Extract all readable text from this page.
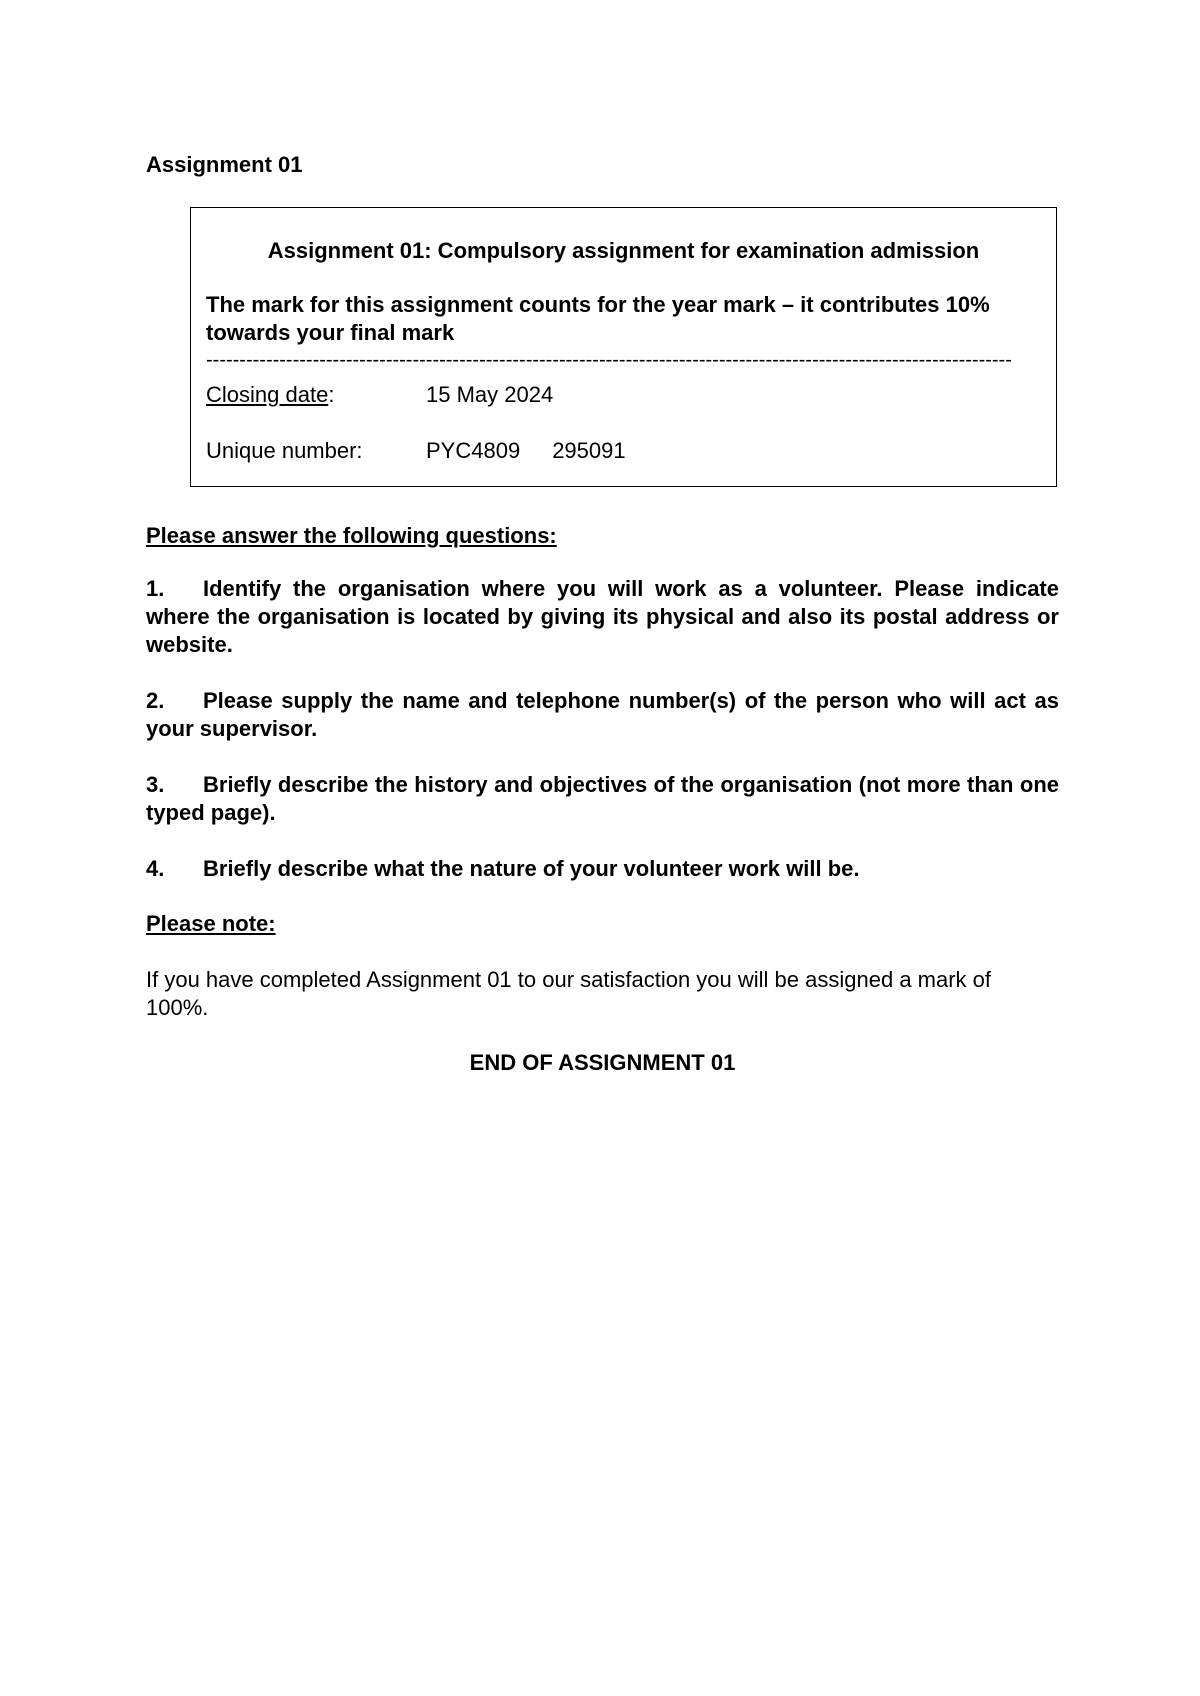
Assignment 01

Assignment 01: Compulsory assignment for examination admission

The mark for this assignment counts for the year mark – it contributes 10% towards your final mark

-------------------------------------------------------------------------------------------------------------------------
Closing date:	15 May 2024
Unique number:	PYC4809 295091

Please answer the following questions:

1. Identify the organisation where you will work as a volunteer. Please indicate where the organisation is located by giving its physical and also its postal address or website.

2. Please supply the name and telephone number(s) of the person who will act as your supervisor.

3. Briefly describe the history and objectives of the organisation (not more than one typed page).

4. Briefly describe what the nature of your volunteer work will be.

Please note:

If you have completed Assignment 01 to our satisfaction you will be assigned a mark of 100%.

END OF ASSIGNMENT 01
